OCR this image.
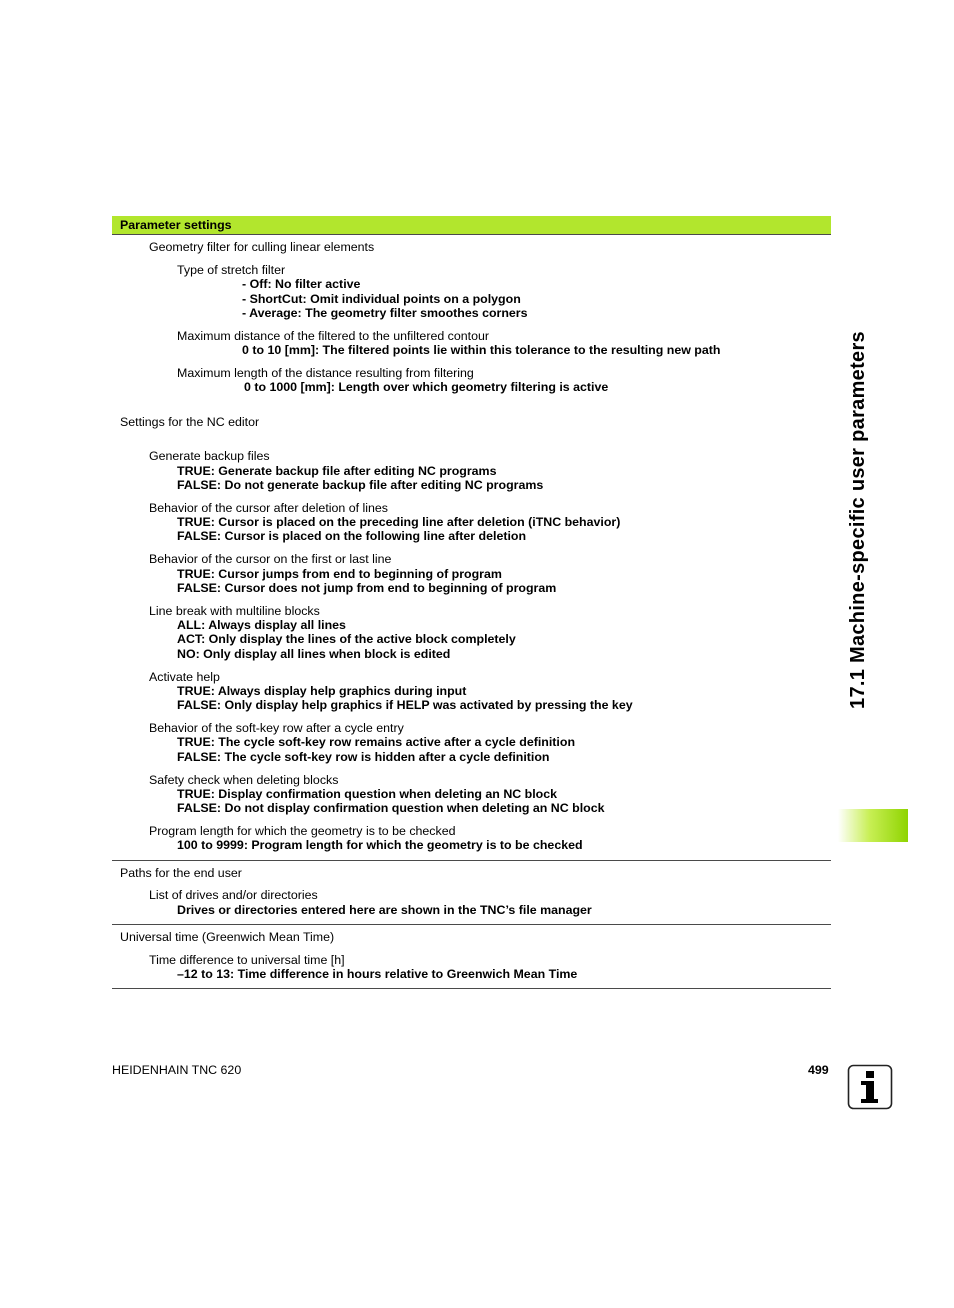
Parameter settings
Geometry filter for culling linear elements
Type of stretch filter
- Off: No filter active
- ShortCut: Omit individual points on a polygon
- Average: The geometry filter smoothes corners
Maximum distance of the filtered to the unfiltered contour
0 to 10 [mm]: The filtered points lie within this tolerance to the resulting new path
Maximum length of the distance resulting from filtering
0 to 1000 [mm]: Length over which geometry filtering is active
Settings for the NC editor
Generate backup files
TRUE: Generate backup file after editing NC programs
FALSE: Do not generate backup file after editing NC programs
Behavior of the cursor after deletion of lines
TRUE: Cursor is placed on the preceding line after deletion (iTNC behavior)
FALSE: Cursor is placed on the following line after deletion
Behavior of the cursor on the first or last line
TRUE: Cursor jumps from end to beginning of program
FALSE: Cursor does not jump from end to beginning of program
Line break with multiline blocks
ALL: Always display all lines
ACT: Only display the lines of the active block completely
NO: Only display all lines when block is edited
Activate help
TRUE: Always display help graphics during input
FALSE: Only display help graphics if HELP was activated by pressing the key
Behavior of the soft-key row after a cycle entry
TRUE: The cycle soft-key row remains active after a cycle definition
FALSE: The cycle soft-key row is hidden after a cycle definition
Safety check when deleting blocks
TRUE: Display confirmation question when deleting an NC block
FALSE: Do not display confirmation question when deleting an NC block
Program length for which the geometry is to be checked
100 to 9999: Program length for which the geometry is to be checked
Paths for the end user
List of drives and/or directories
Drives or directories entered here are shown in the TNC’s file manager
Universal time (Greenwich Mean Time)
Time difference to universal time [h]
–12 to 13: Time difference in hours relative to Greenwich Mean Time
17.1 Machine-specific user parameters
HEIDENHAIN TNC 620	499
